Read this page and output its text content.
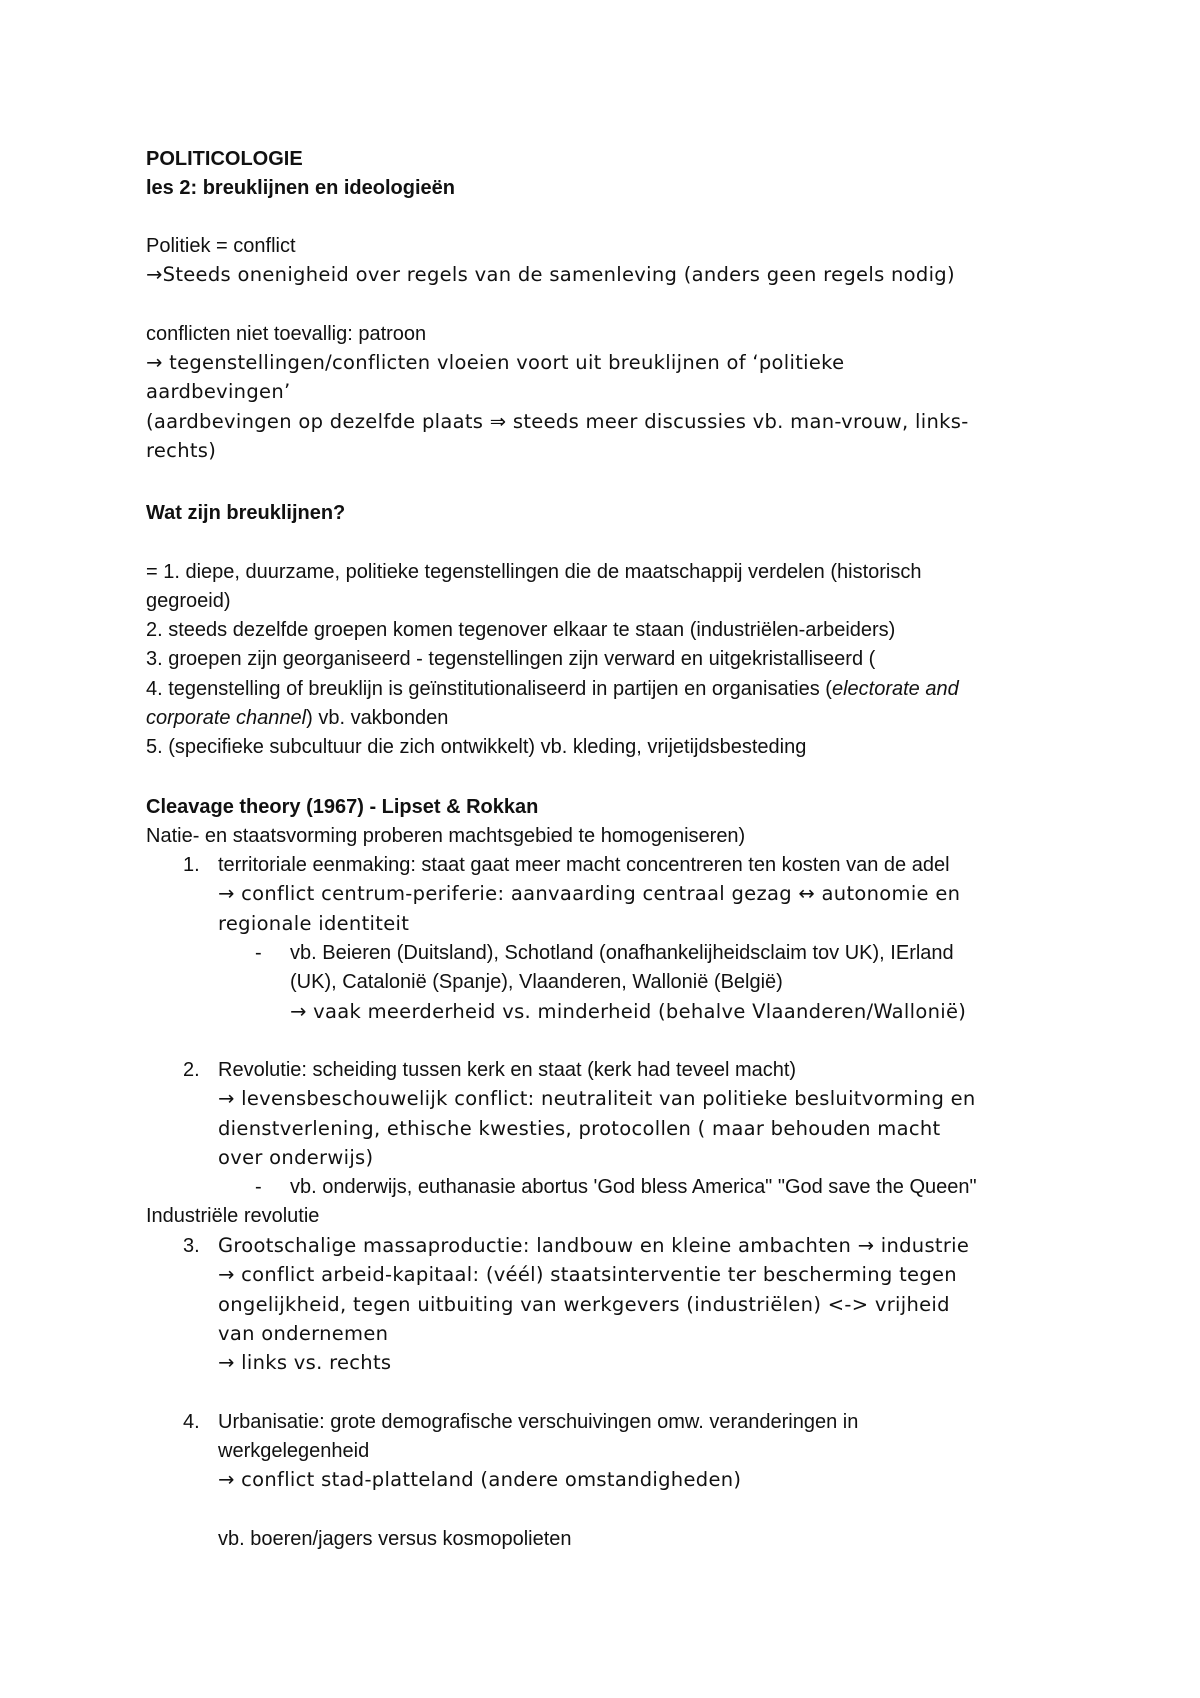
POLITICOLOGIE
les 2: breuklijnen en ideologieën
Politiek = conflict
→Steeds onenigheid over regels van de samenleving (anders geen regels nodig)
conflicten niet toevallig: patroon
→ tegenstellingen/conflicten vloeien voort uit breuklijnen of ‘politieke
aardbevingen’
(aardbevingen op dezelfde plaats ⇒ steeds meer discussies vb. man-vrouw, links-
rechts)
Wat zijn breuklijnen?
= 1. diepe, duurzame, politieke tegenstellingen die de maatschappij verdelen (historisch
gegroeid)
2. steeds dezelfde groepen komen tegenover elkaar te staan (industriëlen-arbeiders)
3. groepen zijn georganiseerd - tegenstellingen zijn verward en uitgekristalliseerd (
4. tegenstelling of breuklijn is geïnstitutionaliseerd in partijen en organisaties (electorate and
corporate channel) vb. vakbonden
5. (specifieke subcultuur die zich ontwikkelt) vb. kleding, vrijetijdsbesteding
Cleavage theory (1967) - Lipset & Rokkan
Natie- en staatsvorming proberen machtsgebied te homogeniseren)
1. territoriale eenmaking: staat gaat meer macht concentreren ten kosten van de adel
→ conflict centrum-periferie: aanvaarding centraal gezag ↔ autonomie en
regionale identiteit
- vb. Beieren (Duitsland), Schotland (onafhankelijheidsclaim tov UK), IErland
(UK), Catalonië (Spanje), Vlaanderen, Wallonië (België)
→ vaak meerderheid vs. minderheid (behalve Vlaanderen/Wallonië)
2. Revolutie: scheiding tussen kerk en staat (kerk had teveel macht)
→ levensbeschouwelijk conflict: neutraliteit van politieke besluitvorming en
dienstverlening, ethische kwesties, protocollen ( maar behouden macht
over onderwijs)
- vb. onderwijs, euthanasie abortus 'God bless America" "God save the Queen"
Industriële revolutie
3. Grootschalige massaproductie: landbouw en kleine ambachten → industrie
→ conflict arbeid-kapitaal: (véél) staatsinterventie ter bescherming tegen
ongelijkheid, tegen uitbuiting van werkgevers (industriëlen) <-> vrijheid
van ondernemen
→ links vs. rechts
4. Urbanisatie: grote demografische verschuivingen omw. veranderingen in
werkgelegenheid
→ conflict stad-platteland (andere omstandigheden)
vb. boeren/jagers versus kosmopolieten
